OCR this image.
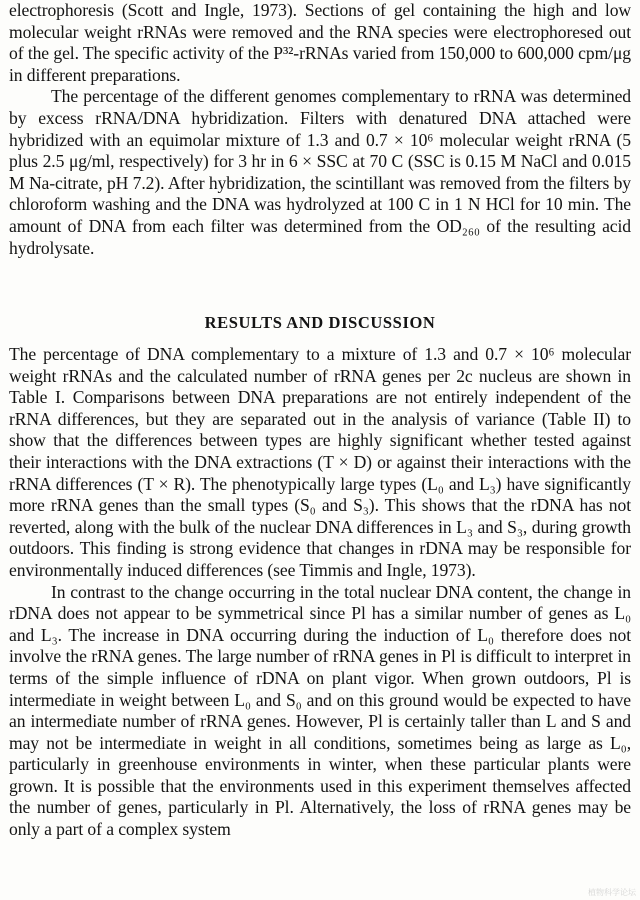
electrophoresis (Scott and Ingle, 1973). Sections of gel containing the high and low molecular weight rRNAs were removed and the RNA species were electrophoresed out of the gel. The specific activity of the P³²-rRNAs varied from 150,000 to 600,000 cpm/μg in different preparations.

The percentage of the different genomes complementary to rRNA was determined by excess rRNA/DNA hybridization. Filters with denatured DNA attached were hybridized with an equimolar mixture of 1.3 and 0.7 × 10⁶ molecular weight rRNA (5 plus 2.5 μg/ml, respectively) for 3 hr in 6 × SSC at 70 C (SSC is 0.15 M NaCl and 0.015 M Na-citrate, pH 7.2). After hybridization, the scintillant was removed from the filters by chloroform washing and the DNA was hydrolyzed at 100 C in 1 N HCl for 10 min. The amount of DNA from each filter was determined from the OD₂₆₀ of the resulting acid hydrolysate.

RESULTS AND DISCUSSION

The percentage of DNA complementary to a mixture of 1.3 and 0.7 × 10⁶ molecular weight rRNAs and the calculated number of rRNA genes per 2c nucleus are shown in Table I. Comparisons between DNA preparations are not entirely independent of the rRNA differences, but they are separated out in the analysis of variance (Table II) to show that the differences between types are highly significant whether tested against their interactions with the DNA extractions (T × D) or against their interactions with the rRNA differences (T × R). The phenotypically large types (L₀ and L₃) have significantly more rRNA genes than the small types (S₀ and S₃). This shows that the rDNA has not reverted, along with the bulk of the nuclear DNA differences in L₃ and S₃, during growth outdoors. This finding is strong evidence that changes in rDNA may be responsible for environmentally induced differences (see Timmis and Ingle, 1973).

In contrast to the change occurring in the total nuclear DNA content, the change in rDNA does not appear to be symmetrical since Pl has a similar number of genes as L₀ and L₃. The increase in DNA occurring during the induction of L₀ therefore does not involve the rRNA genes. The large number of rRNA genes in Pl is difficult to interpret in terms of the simple influence of rDNA on plant vigor. When grown outdoors, Pl is intermediate in weight between L₀ and S₀ and on this ground would be expected to have an intermediate number of rRNA genes. However, Pl is certainly taller than L and S and may not be intermediate in weight in all conditions, sometimes being as large as L₀, particularly in greenhouse environments in winter, when these particular plants were grown. It is possible that the environments used in this experiment themselves affected the number of genes, particularly in Pl. Alternatively, the loss of rRNA genes may be only a part of a complex system

植物科学论坛
